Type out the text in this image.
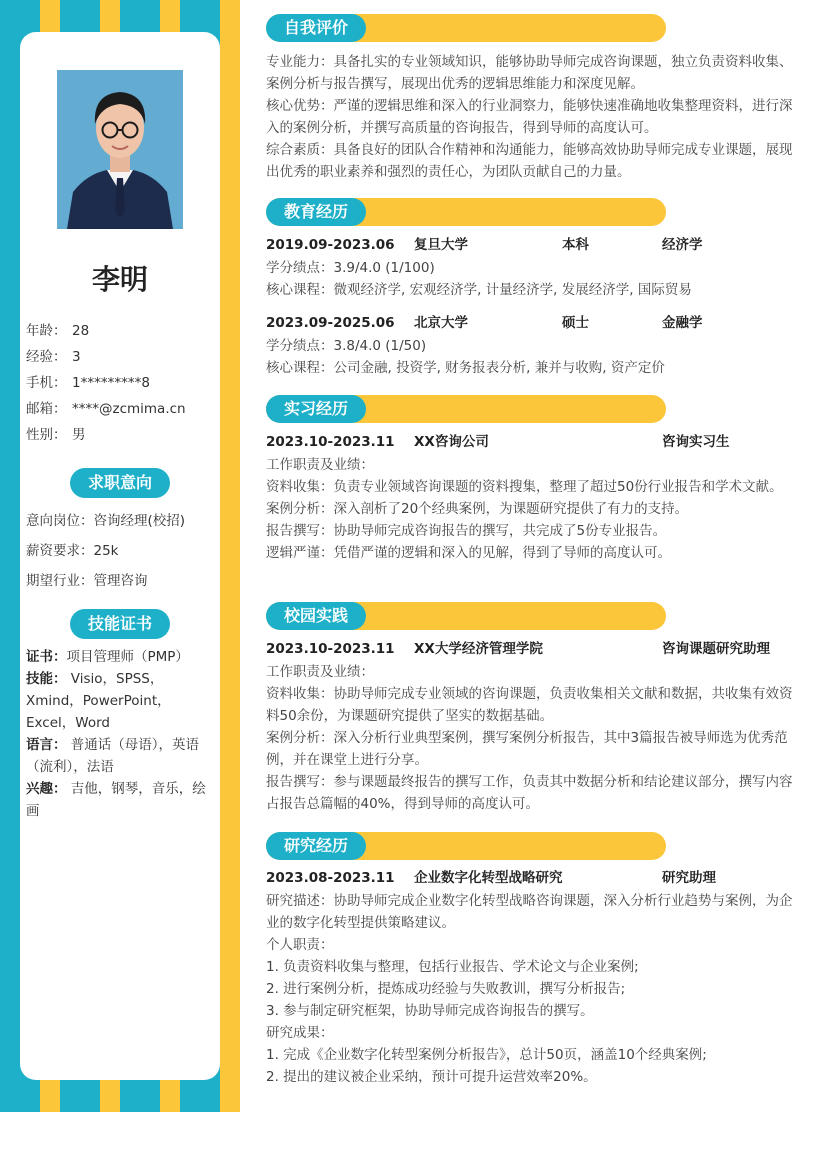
李明
年龄： 28
经验： 3
手机： 1*********8
邮箱： ****@zcmima.cn
性别： 男
求职意向
意向岗位：咨询经理(校招)
薪资要求：25k
期望行业：管理咨询
技能证书

证书：项目管理师（PMP）

技能： Visio，SPSS，Xmind，PowerPoint，Excel，Word

语言： 普通话（母语），英语（流利），法语

兴趣： 吉他，钢琴，音乐，绘画

自我评价

专业能力：具备扎实的专业领域知识，能够协助导师完成咨询课题，独立负责资料收集、案例分析与报告撰写，展现出优秀的逻辑思维能力和深度见解。

核心优势：严谨的逻辑思维和深入的行业洞察力，能够快速准确地收集整理资料，进行深入的案例分析，并撰写高质量的咨询报告，得到导师的高度认可。

综合素质：具备良好的团队合作精神和沟通能力，能够高效协助导师完成专业课题，展现出优秀的职业素养和强烈的责任心，为团队贡献自己的力量。

教育经历
2019.09-2023.06 复旦大学	本科	经济学

学分绩点：3.9/4.0 (1/100)

核心课程：微观经济学, 宏观经济学, 计量经济学, 发展经济学, 国际贸易

2023.09-2025.06 北京大学	硕士	金融学

学分绩点：3.8/4.0 (1/50)

核心课程：公司金融, 投资学, 财务报表分析, 兼并与收购, 资产定价

实习经历
2023.10-2023.11 XX咨询公司	咨询实习生

工作职责及业绩：

资料收集：负责专业领域咨询课题的资料搜集，整理了超过50份行业报告和学术文献。

案例分析：深入剖析了20个经典案例，为课题研究提供了有力的支持。

报告撰写：协助导师完成咨询报告的撰写，共完成了5份专业报告。

逻辑严谨：凭借严谨的逻辑和深入的见解，得到了导师的高度认可。

校园实践
2023.10-2023.11 XX大学经济管理学院	咨询课题研究助理

工作职责及业绩：

资料收集：协助导师完成专业领域的咨询课题，负责收集相关文献和数据，共收集有效资料50余份，为课题研究提供了坚实的数据基础。

案例分析：深入分析行业典型案例，撰写案例分析报告，其中3篇报告被导师选为优秀范例，并在课堂上进行分享。

报告撰写：参与课题最终报告的撰写工作，负责其中数据分析和结论建议部分，撰写内容占报告总篇幅的40%，得到导师的高度认可。

研究经历
2023.08-2023.11 企业数字化转型战略研究	研究助理

研究描述：协助导师完成企业数字化转型战略咨询课题，深入分析行业趋势与案例，为企业的数字化转型提供策略建议。

个人职责：

1. 负责资料收集与整理，包括行业报告、学术论文与企业案例;

2. 进行案例分析，提炼成功经验与失败教训，撰写分析报告;

3. 参与制定研究框架，协助导师完成咨询报告的撰写。

研究成果：

1. 完成《企业数字化转型案例分析报告》，总计50页，涵盖10个经典案例;

2. 提出的建议被企业采纳，预计可提升运营效率20%。
